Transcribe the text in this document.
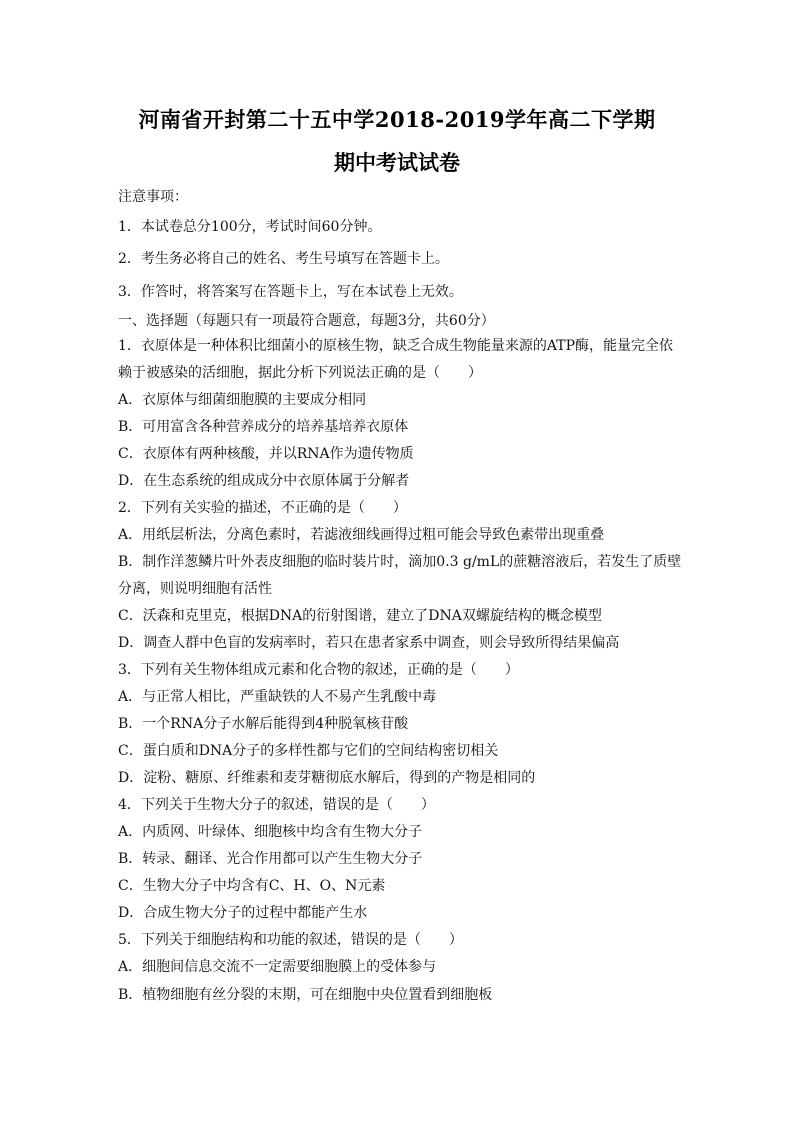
河南省开封第二十五中学2018-2019学年高二下学期
期中考试试卷
注意事项：
1．本试卷总分100分，考试时间60分钟。
2．考生务必将自己的姓名、考生号填写在答题卡上。
3．作答时，将答案写在答题卡上，写在本试卷上无效。
一、选择题（每题只有一项最符合题意，每题3分，共60分）
1．衣原体是一种体积比细菌小的原核生物，缺乏合成生物能量来源的ATP酶，能量完全依
赖于被感染的活细胞，据此分析下列说法正确的是（　　）
A．衣原体与细菌细胞膜的主要成分相同
B．可用富含各种营养成分的培养基培养衣原体
C．衣原体有两种核酸，并以RNA作为遗传物质
D．在生态系统的组成成分中衣原体属于分解者
2．下列有关实验的描述，不正确的是（　　）
A．用纸层析法，分离色素时，若滤液细线画得过粗可能会导致色素带出现重叠
B．制作洋葱鳞片叶外表皮细胞的临时装片时，滴加0.3 g/mL的蔗糖溶液后，若发生了质壁
分离，则说明细胞有活性
C．沃森和克里克，根据DNA的衍射图谱，建立了DNA双螺旋结构的概念模型
D．调查人群中色盲的发病率时，若只在患者家系中调查，则会导致所得结果偏高
3．下列有关生物体组成元素和化合物的叙述，正确的是（　　）
A．与正常人相比，严重缺铁的人不易产生乳酸中毒
B．一个RNA分子水解后能得到4种脱氧核苷酸
C．蛋白质和DNA分子的多样性都与它们的空间结构密切相关
D．淀粉、糖原、纤维素和麦芽糖彻底水解后，得到的产物是相同的
4．下列关于生物大分子的叙述，错误的是（　　）
A．内质网、叶绿体、细胞核中均含有生物大分子
B．转录、翻译、光合作用都可以产生生物大分子
C．生物大分子中均含有C、H、O、N元素
D．合成生物大分子的过程中都能产生水
5．下列关于细胞结构和功能的叙述，错误的是（　　）
A．细胞间信息交流不一定需要细胞膜上的受体参与
B．植物细胞有丝分裂的末期，可在细胞中央位置看到细胞板
